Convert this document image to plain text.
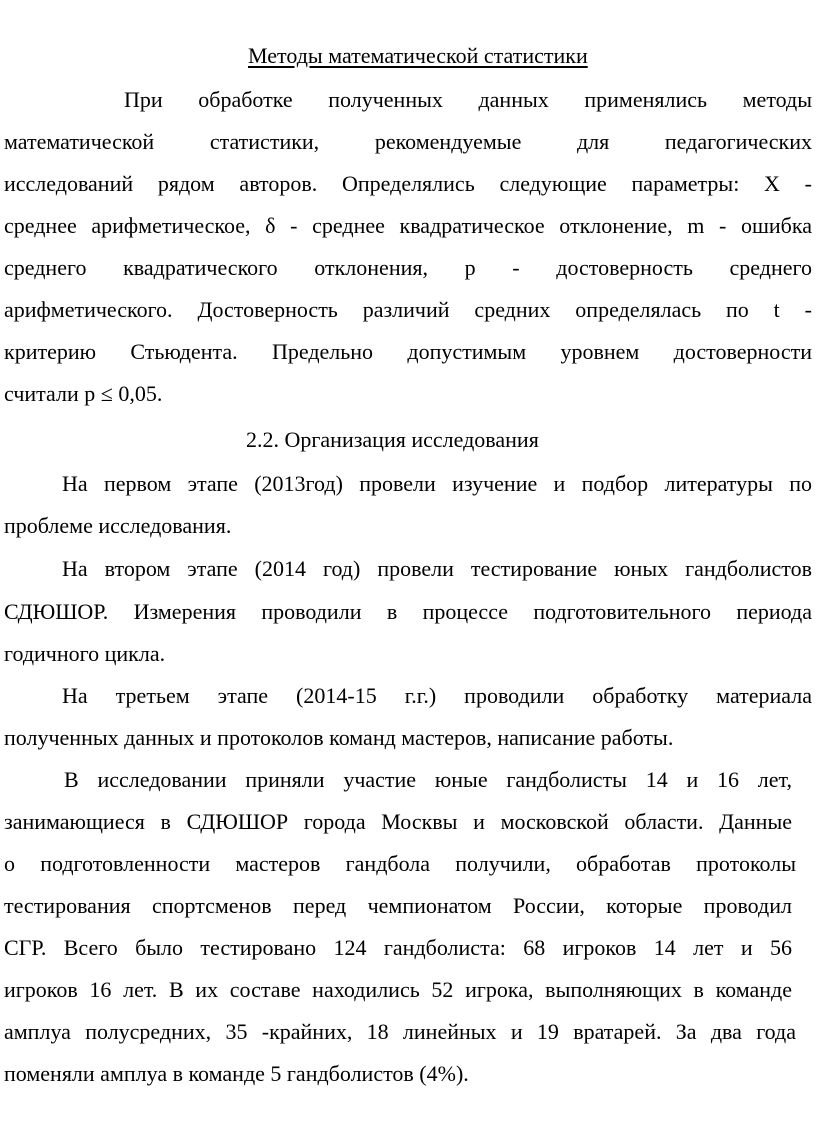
Методы математической статистики
При обработке полученных данных применялись методы
математической статистики, рекомендуемые для педагогических
исследований рядом авторов. Определялись следующие параметры: Х -
среднее арифметическое, δ - среднее квадратическое отклонение, m - ошибка
среднего квадратического отклонения, р - достоверность среднего
арифметического. Достоверность различий средних определялась по t -
критерию Стьюдента. Предельно допустимым уровнем достоверности
считали р ≤ 0,05.
2.2. Организация исследования
На первом этапе (2013год) провели изучение и подбор литературы по
проблеме исследования.
На втором этапе (2014 год) провели тестирование юных гандболистов
СДЮШОР. Измерения проводили в процессе подготовительного периода
годичного цикла.
На третьем этапе (2014-15 г.г.) проводили обработку материала
полученных данных и протоколов команд мастеров, написание работы.
В исследовании приняли участие юные гандболисты 14 и 16 лет,
занимающиеся в СДЮШОР города Москвы и московской области. Данные
о подготовленности мастеров гандбола получили, обработав протоколы
тестирования спортсменов перед чемпионатом России, которые проводил
СГР. Всего было тестировано 124 гандболиста: 68 игроков 14 лет и 56
игроков 16 лет. В их составе находились 52 игрока, выполняющих в команде
амплуа полусредних, 35 -крайних, 18 линейных и 19 вратарей. За два года
поменяли амплуа в команде 5 гандболистов (4%).
